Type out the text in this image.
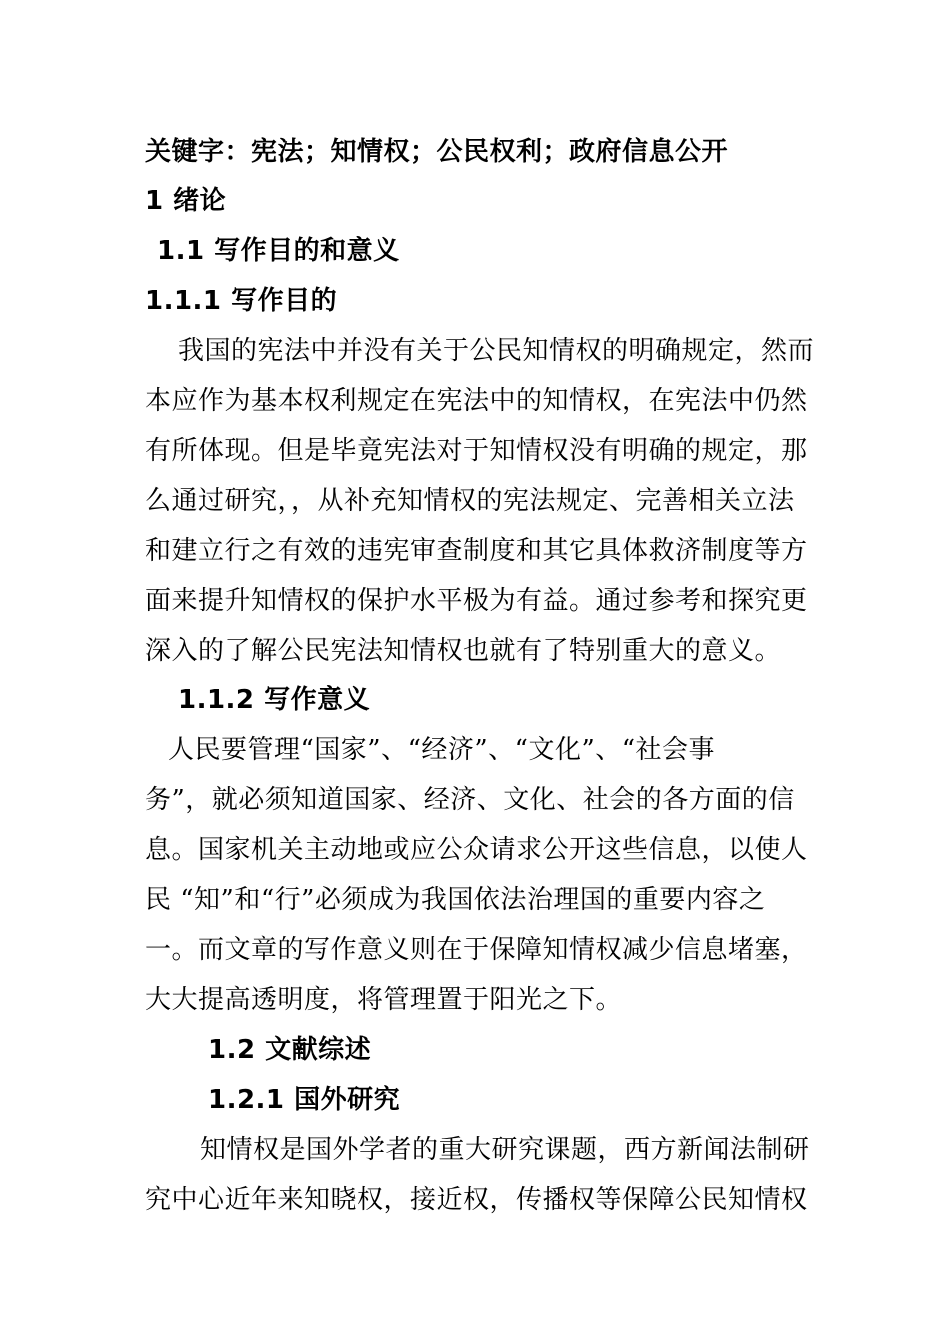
关键字：宪法；知情权；公民权利；政府信息公开
1 绪论
1.1 写作目的和意义
1.1.1 写作目的
我国的宪法中并没有关于公民知情权的明确规定，然而
本应作为基本权利规定在宪法中的知情权，在宪法中仍然
有所体现。但是毕竟宪法对于知情权没有明确的规定，那
么通过研究，，从补充知情权的宪法规定、完善相关立法
和建立行之有效的违宪审查制度和其它具体救济制度等方
面来提升知情权的保护水平极为有益。通过参考和探究更
深入的了解公民宪法知情权也就有了特别重大的意义。
1.1.2 写作意义
人民要管理“国家”、“经济”、“文化”、“社会事
务”，就必须知道国家、经济、文化、社会的各方面的信
息。国家机关主动地或应公众请求公开这些信息，以使人
民 “知”和“行”必须成为我国依法治理国的重要内容之
一。而文章的写作意义则在于保障知情权减少信息堵塞，
大大提高透明度，将管理置于阳光之下。
1.2 文献综述
1.2.1 国外研究
知情权是国外学者的重大研究课题，西方新闻法制研
究中心近年来知晓权，接近权，传播权等保障公民知情权
